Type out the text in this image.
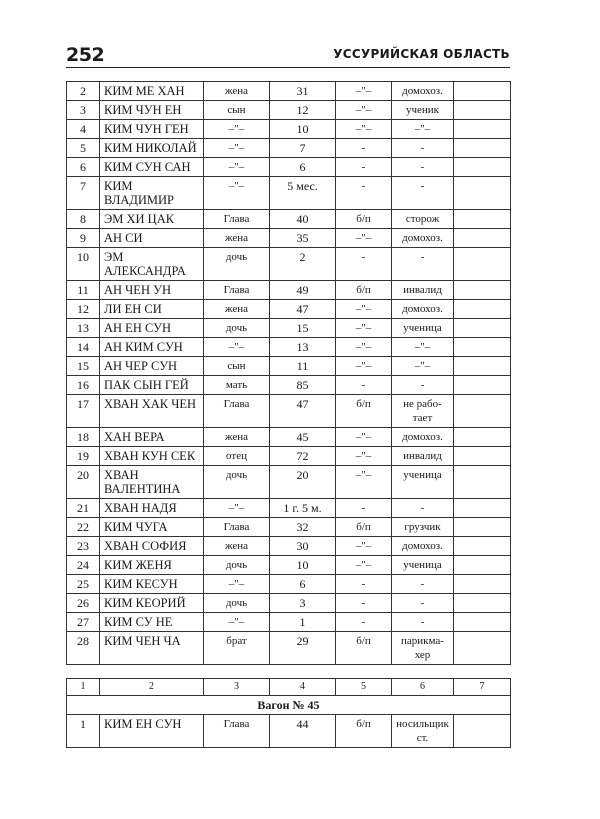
252	УССУРИЙСКАЯ ОБЛАСТЬ
2	КИМ МЕ ХАН	жена	31	–"–	домохоз.	
3	КИМ ЧУН ЕН	сын	12	–"–	ученик	
4	КИМ ЧУН ГЕН	–"–	10	–"–	–"–	
5	КИМ НИКОЛАЙ	–"–	7	-	-	
6	КИМ СУН САН	–"–	6	-	-	
7	КИМ ВЛАДИМИР	–"–	5 мес.	-	-	
8	ЭМ ХИ ЦАК	Глава	40	б/п	сторож	
9	АН СИ	жена	35	–"–	домохоз.	
10	ЭМ АЛЕКСАНДРА	дочь	2	-	-	
11	АН ЧЕН УН	Глава	49	б/п	инвалид	
12	ЛИ ЕН СИ	жена	47	–"–	домохоз.	
13	АН ЕН СУН	дочь	15	–"–	ученица	
14	АН КИМ СУН	–"–	13	–"–	–"–	
15	АН ЧЕР СУН	сын	11	–"–	–"–	
16	ПАК СЫН ГЕЙ	мать	85	-	-	
17	ХВАН ХАК ЧЕН	Глава	47	б/п	не рабо-
тает	
18	ХАН ВЕРА	жена	45	–"–	домохоз.	
19	ХВАН КУН СЕК	отец	72	–"–	инвалид	
20	ХВАН
ВАЛЕНТИНА	дочь	20	–"–	ученица	
21	ХВАН НАДЯ	–"–	1 г. 5 м.	-	-	
22	КИМ ЧУГА	Глава	32	б/п	грузчик	
23	ХВАН СОФИЯ	жена	30	–"–	домохоз.	
24	КИМ ЖЕНЯ	дочь	10	–"–	ученица	
25	КИМ КЕСУН	–"–	6	-	-	
26	КИМ КЕОРИЙ	дочь	3	-	-	
27	КИМ СУ НЕ	–"–	1	-	-	
28	КИМ ЧЕН ЧА	брат	29	б/п	парикма-
хер	
1	2	3	4	5	6	7
Вагон № 45						
1	КИМ ЕН СУН	Глава	44	б/п	носильщик
ст.	
